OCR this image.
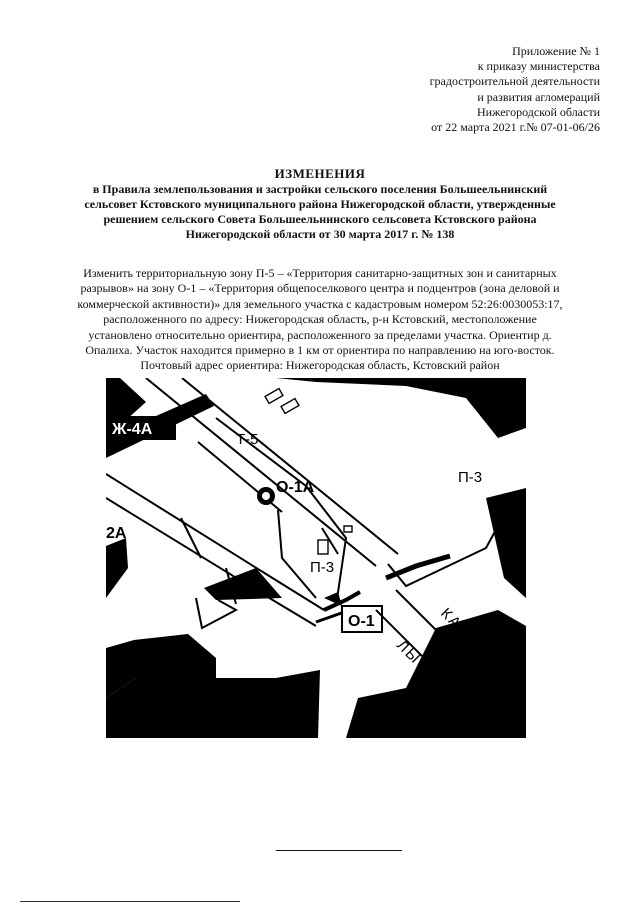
Приложение № 1
к приказу министерства
градостроительной деятельности
и развития агломераций
Нижегородской области
от 22 марта 2021 г.№ 07-01-06/26
ИЗМЕНЕНИЯ
в Правила землепользования и застройки сельского поселения Большеельнинский
сельсовет Кстовского муниципального района Нижегородской области, утвержденные
решением сельского Совета Большеельнинского сельсовета Кстовского района
Нижегородской области от 30 марта 2017 г. № 138
Изменить территориальную зону П-5 – «Территория санитарно-защитных зон и санитарных
разрывов» на зону О-1 – «Территория общепоселкового центра и подцентров (зона деловой и
коммерческой активности)» для земельного участка с кадастровым номером 52:26:0030053:17,
расположенного по адресу: Нижегородская область, р-н Кстовский, местоположение
установлено относительно ориентира, расположенного за пределами участка. Ориентир д.
Опалиха. Участок находится примерно в 1 км от ориентира по направлению на юго-восток.
Почтовый адрес ориентира: Нижегородская область, Кстовский район
Ж-4А
Т-5
О-1А
П-3
2А
П-3
О-2А
О-1	КАЗАНЬ
ЛЫСКОВО
